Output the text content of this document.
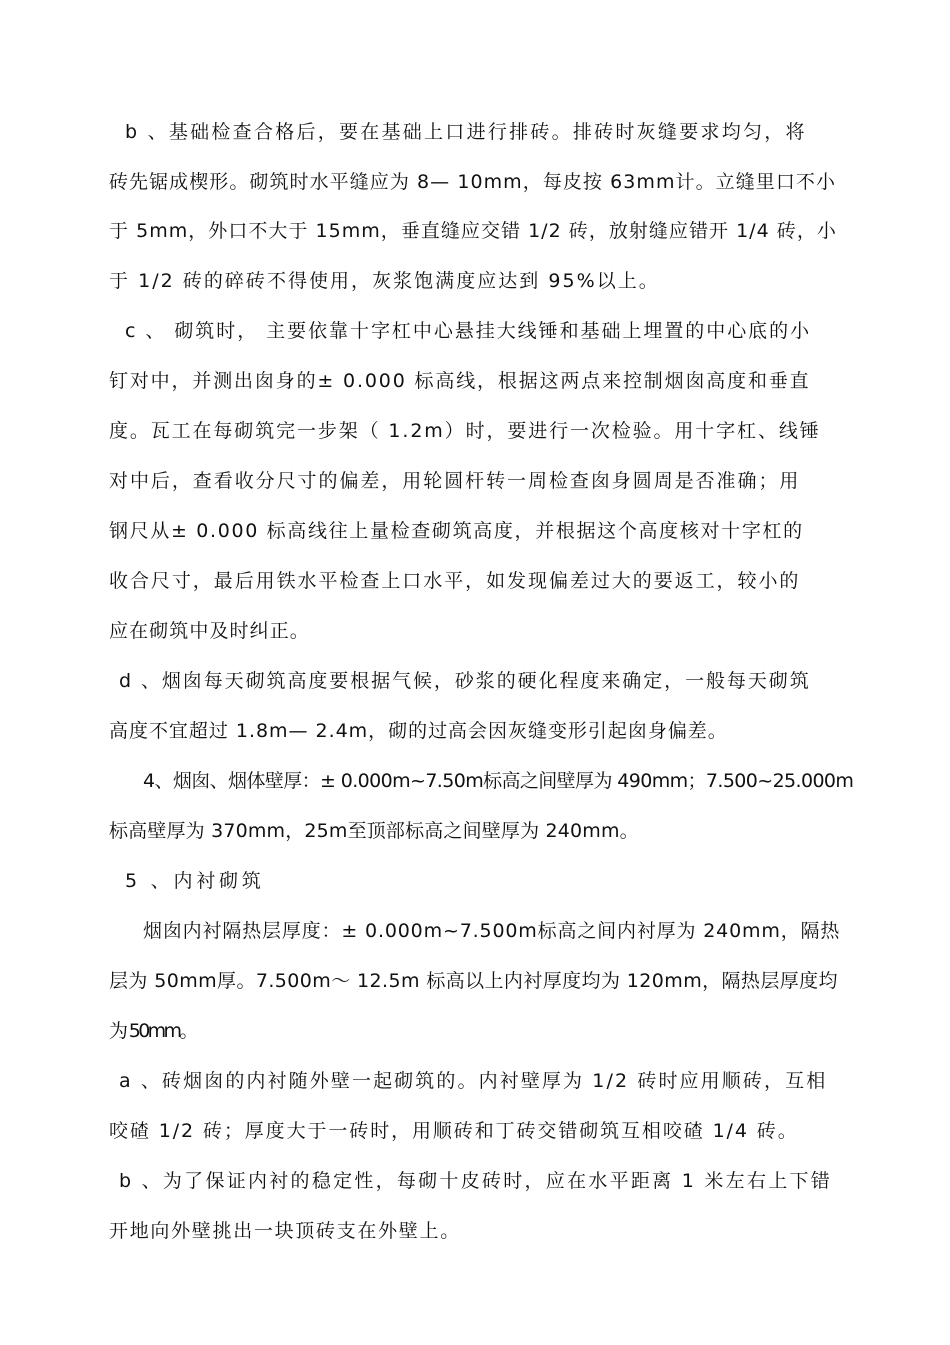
b 、基础检查合格后，要在基础上口进行排砖。排砖时灰缝要求均匀，将
砖先锯成楔形。砌筑时水平缝应为 8— 10mm，每皮按 63mm计。立缝里口不小
于 5mm，外口不大于 15mm，垂直缝应交错 1/2 砖，放射缝应错开 1/4 砖，小
于 1/2 砖的碎砖不得使用，灰浆饱满度应达到 95%以上。
c 、 砌筑时， 主要依靠十字杠中心悬挂大线锤和基础上埋置的中心底的小
钉对中，并测出囱身的± 0.000 标高线，根据这两点来控制烟囱高度和垂直
度。瓦工在每砌筑完一步架（ 1.2m）时，要进行一次检验。用十字杠、线锤
对中后，查看收分尺寸的偏差，用轮圆杆转一周检查囱身圆周是否准确；用
钢尺从± 0.000 标高线往上量检查砌筑高度，并根据这个高度核对十字杠的
收合尺寸，最后用铁水平检查上口水平，如发现偏差过大的要返工，较小的
应在砌筑中及时纠正。
d 、烟囱每天砌筑高度要根据气候，砂浆的硬化程度来确定，一般每天砌筑
高度不宜超过 1.8m— 2.4m，砌的过高会因灰缝变形引起囱身偏差。
4、烟囱、烟体壁厚：± 0.000m~7.50m标高之间壁厚为 490mm；7.500~25.000m
标高壁厚为 370mm，25m至顶部标高之间壁厚为 240mm。
5 、内衬砌筑
烟囱内衬隔热层厚度：± 0.000m~7.500m标高之间内衬厚为 240mm，隔热
层为 50mm厚。7.500m～ 12.5m 标高以上内衬厚度均为 120mm，隔热层厚度均
为 50mm。
a 、砖烟囱的内衬随外壁一起砌筑的。内衬壁厚为 1/2 砖时应用顺砖，互相
咬碴 1/2 砖；厚度大于一砖时，用顺砖和丁砖交错砌筑互相咬碴 1/4 砖。
b 、为了保证内衬的稳定性，每砌十皮砖时，应在水平距离 1 米左右上下错
开地向外壁挑出一块顶砖支在外壁上。
